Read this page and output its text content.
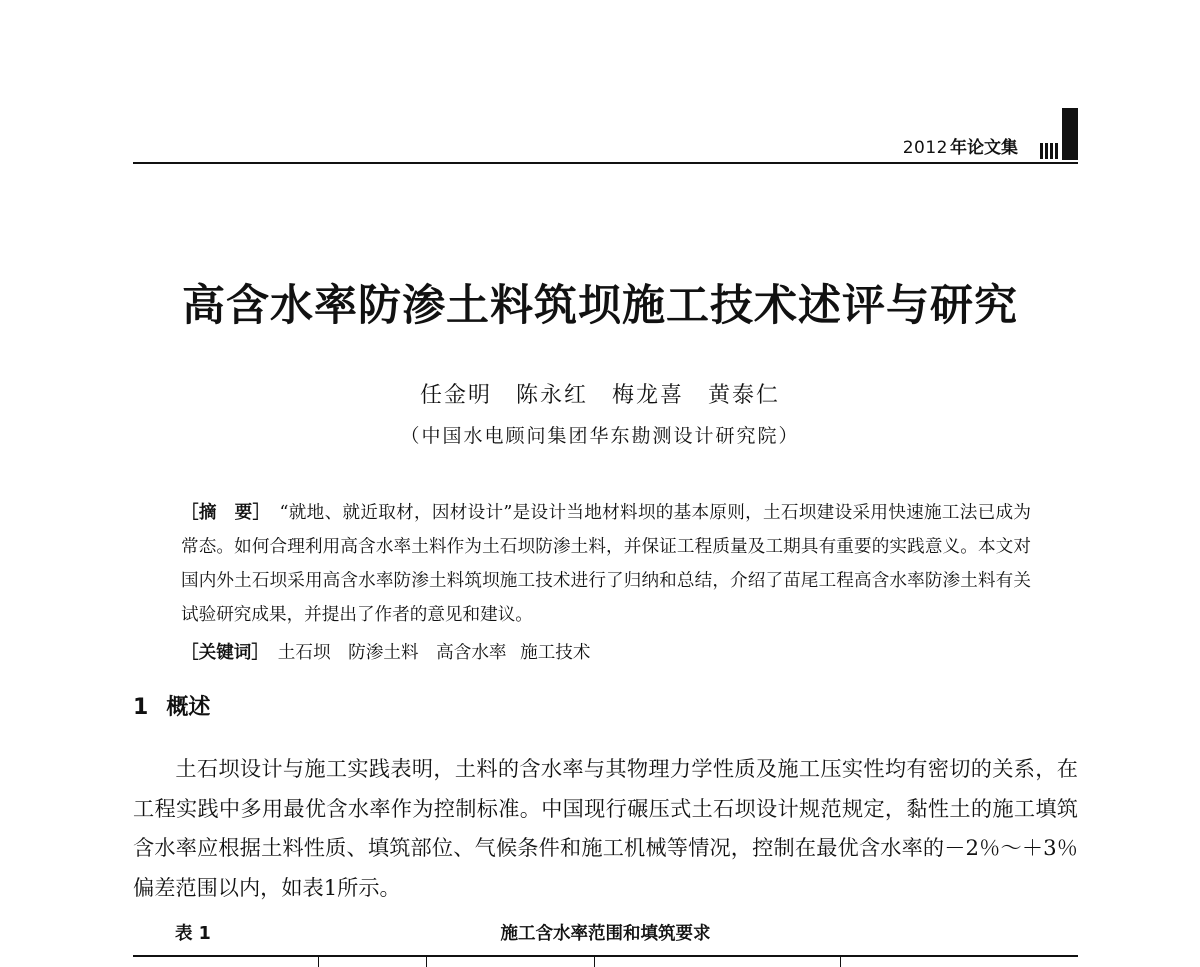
2012 年论文集
高含水率防渗土料筑坝施工技术述评与研究
任金明　陈永红　梅龙喜　黄泰仁
（中国水电顾问集团华东勘测设计研究院）
［摘　要］　 “就地、就近取材，因材设计”是设计当地材料坝的基本原则，土石坝建设采用快速施工法已成为常态。如何合理利用高含水率土料作为土石坝防渗土料，并保证工程质量及工期具有重要的实践意义。本文对国内外土石坝采用高含水率防渗土料筑坝施工技术进行了归纳和总结，介绍了苗尾工程高含水率防渗土料有关试验研究成果，并提出了作者的意见和建议。
［关键词］　 土石坝　防渗土料　高含水率 施工技术
1 概述
土石坝设计与施工实践表明，土料的含水率与其物理力学性质及施工压实性均有密切的关系，在工程实践中多用最优含水率作为控制标准。中国现行碾压式土石坝设计规范规定，黏性土的施工填筑含水率应根据土料性质、填筑部位、气候条件和施工机械等情况，控制在最优含水率的－2％～＋3％偏差范围以内，如表1所示。
表 1	施工含水率范围和填筑要求
